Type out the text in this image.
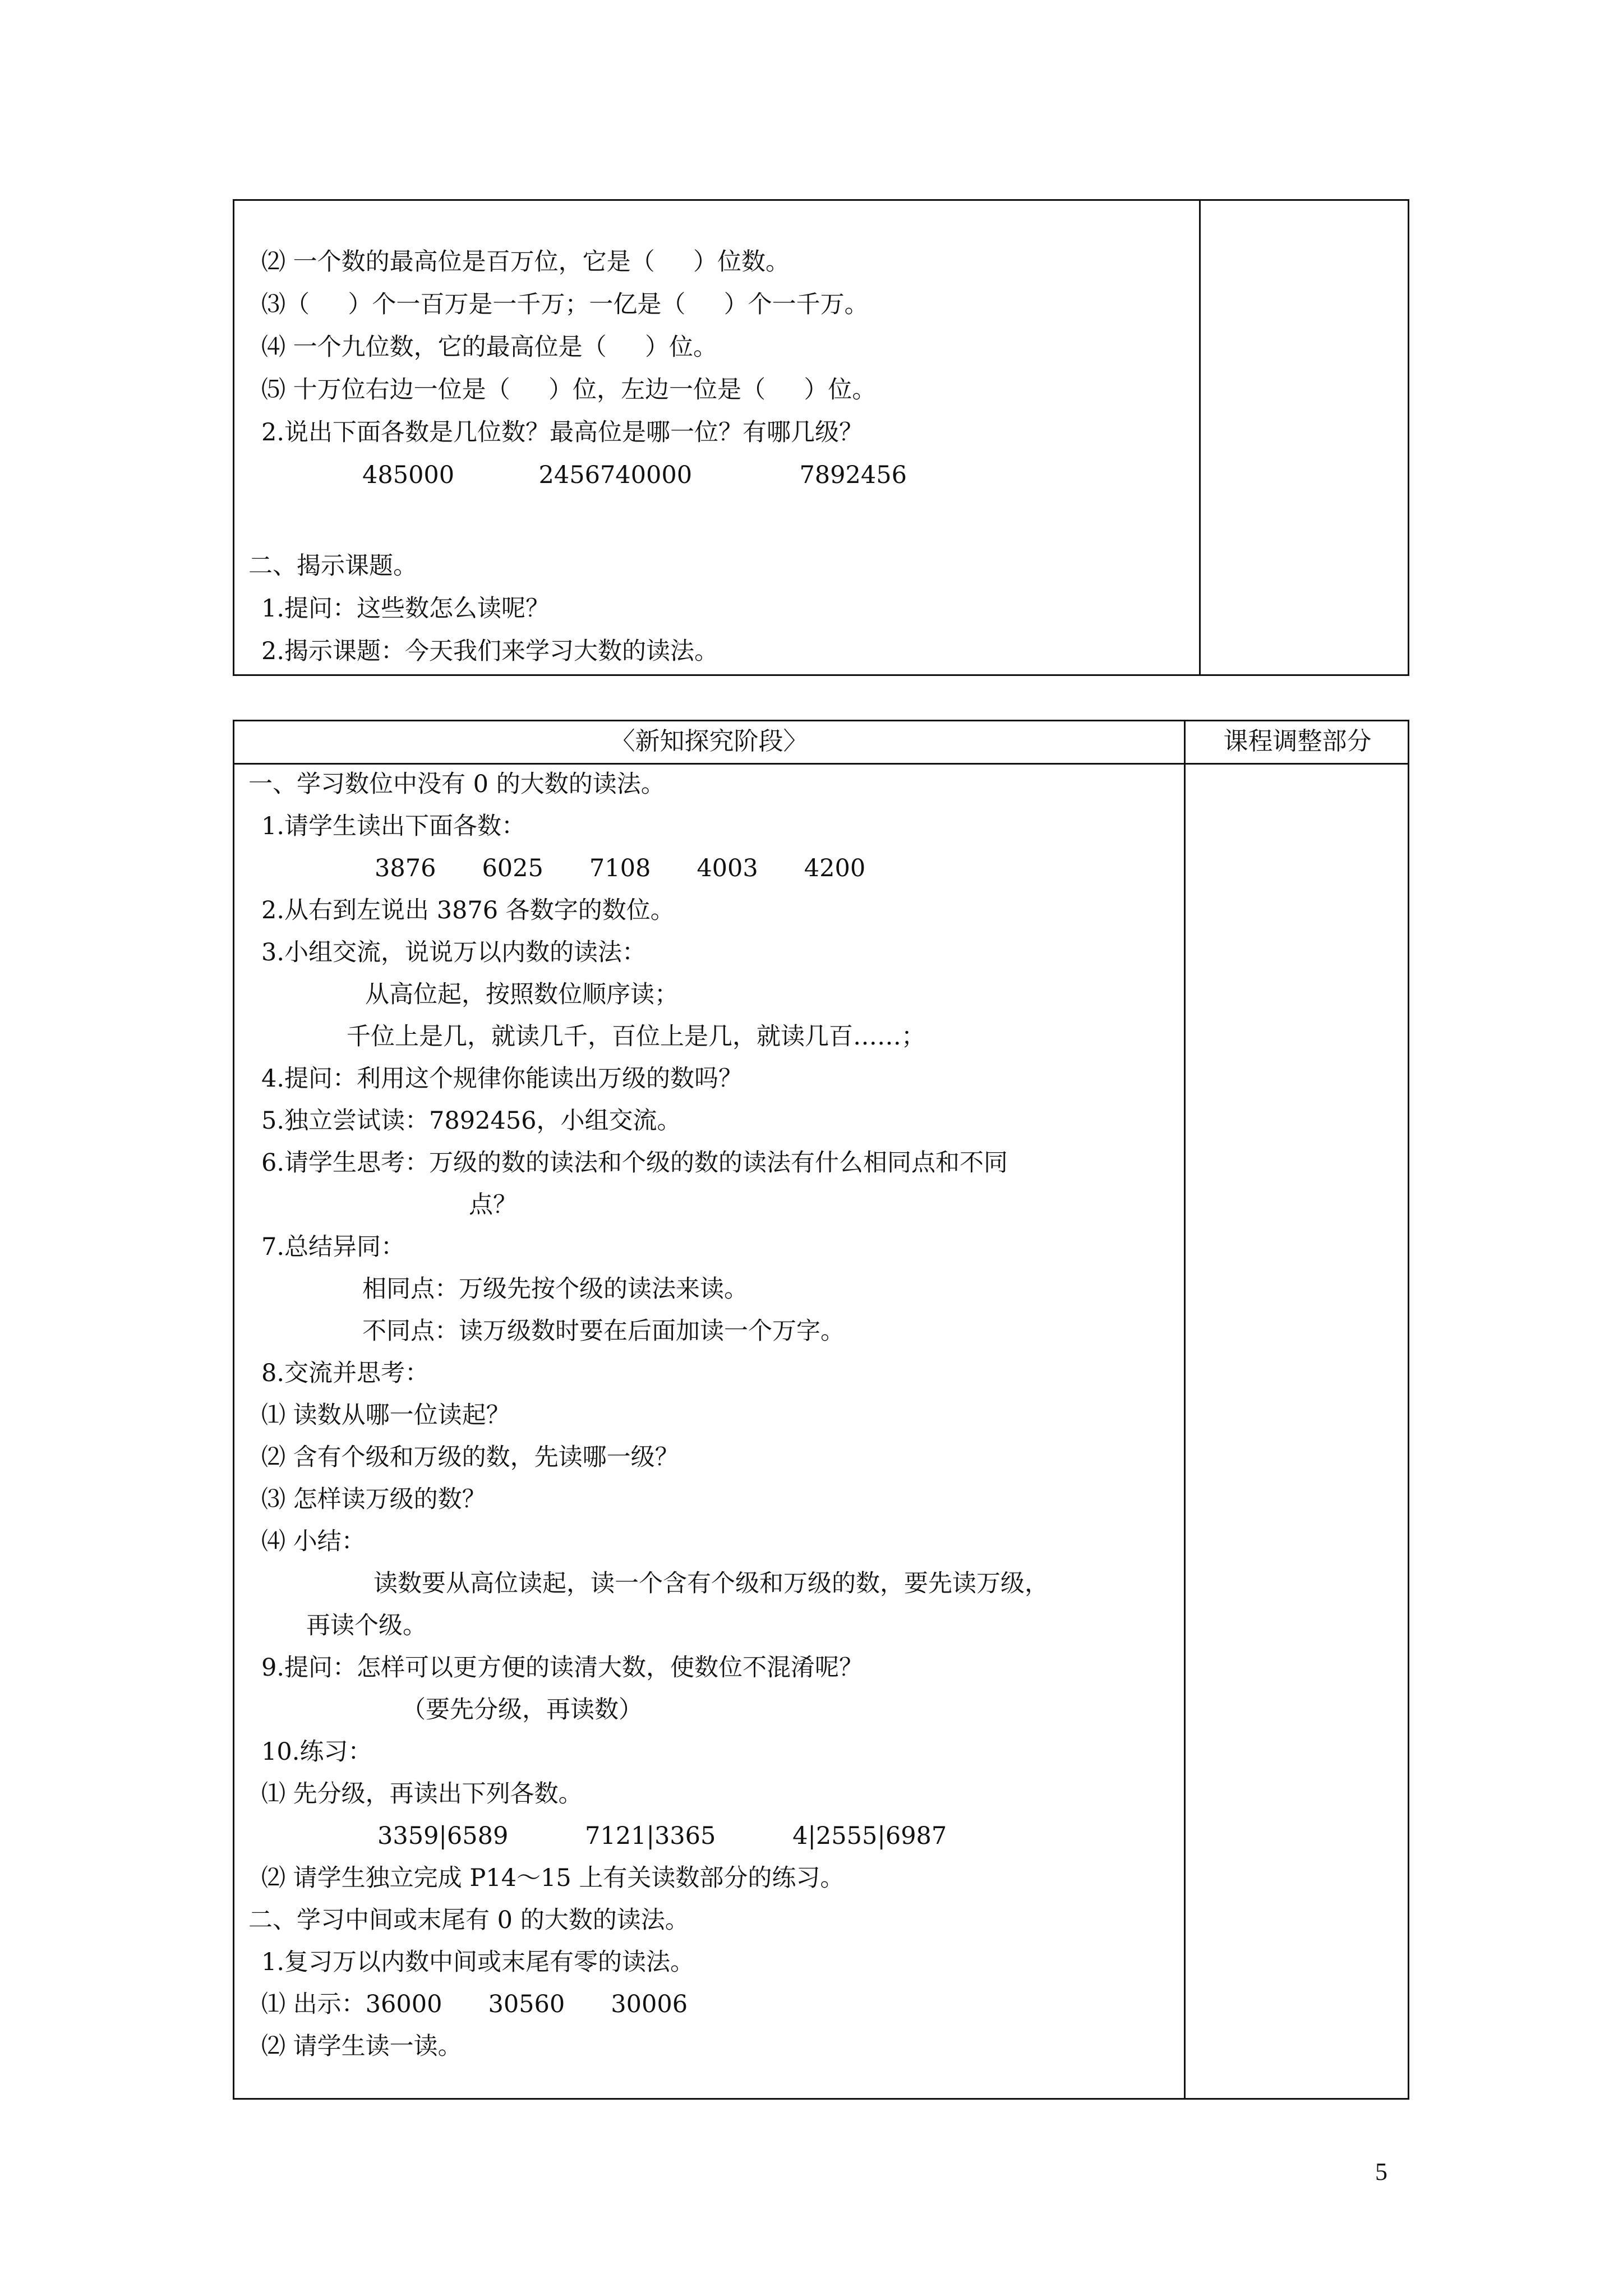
⑵ 一个数的最高位是百万位，它是（     ）位数。
⑶（     ）个一百万是一千万；一亿是（     ）个一千万。
⑷ 一个九位数，它的最高位是（     ）位。
⑸ 十万位右边一位是（     ）位，左边一位是（     ）位。
2.说出下面各数是几位数？最高位是哪一位？有哪几级？
485000           2456740000              7892456
二、揭示课题。
1.提问：这些数怎么读呢？
2.揭示课题：今天我们来学习大数的读法。
〈新知探究阶段〉	课程调整部分
一、学习数位中没有 0 的大数的读法。
1.请学生读出下面各数：
3876      6025      7108      4003      4200
2.从右到左说出 3876 各数字的数位。
3.小组交流，说说万以内数的读法：
从高位起，按照数位顺序读；
千位上是几，就读几千，百位上是几，就读几百……；
4.提问：利用这个规律你能读出万级的数吗？
5.独立尝试读：7892456，小组交流。
6.请学生思考：万级的数的读法和个级的数的读法有什么相同点和不同
点？
7.总结异同：
相同点：万级先按个级的读法来读。
不同点：读万级数时要在后面加读一个万字。
8.交流并思考：
⑴ 读数从哪一位读起？
⑵ 含有个级和万级的数，先读哪一级？
⑶ 怎样读万级的数？
⑷ 小结：
读数要从高位读起，读一个含有个级和万级的数，要先读万级，
再读个级。
9.提问：怎样可以更方便的读清大数，使数位不混淆呢？
（要先分级，再读数）
10.练习：
⑴ 先分级，再读出下列各数。
3359|6589          7121|3365          4|2555|6987
⑵ 请学生独立完成 P14～15 上有关读数部分的练习。
二、学习中间或末尾有 0 的大数的读法。
1.复习万以内数中间或末尾有零的读法。
⑴ 出示：36000      30560      30006
⑵ 请学生读一读。
5
